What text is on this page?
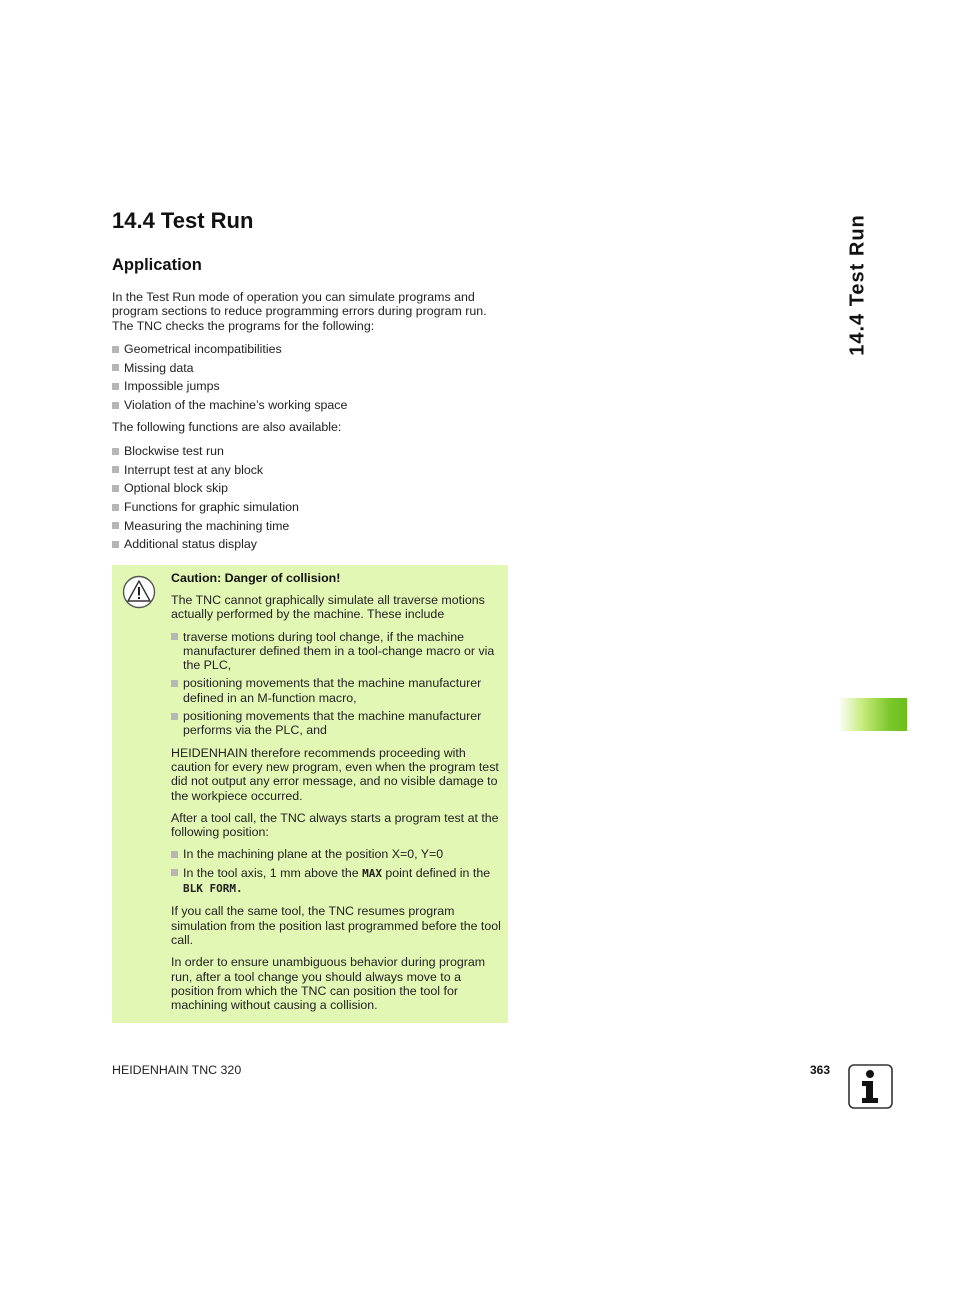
14.4 Test Run
Application

In the Test Run mode of operation you can simulate programs and program sections to reduce programming errors during program run. The TNC checks the programs for the following:

Geometrical incompatibilities
Missing data
Impossible jumps
Violation of the machine’s working space

The following functions are also available:

Blockwise test run
Interrupt test at any block
Optional block skip
Functions for graphic simulation
Measuring the machining time
Additional status display

Caution: Danger of collision!

The TNC cannot graphically simulate all traverse motions actually performed by the machine. These include

traverse motions during tool change, if the machine manufacturer defined them in a tool-change macro or via the PLC,
positioning movements that the machine manufacturer defined in an M-function macro,
positioning movements that the machine manufacturer performs via the PLC, and

HEIDENHAIN therefore recommends proceeding with caution for every new program, even when the program test did not output any error message, and no visible damage to the workpiece occurred.

After a tool call, the TNC always starts a program test at the following position:

In the machining plane at the position X=0, Y=0
In the tool axis, 1 mm above the MAX point defined in the BLK FORM.

If you call the same tool, the TNC resumes program simulation from the position last programmed before the tool call.

In order to ensure unambiguous behavior during program run, after a tool change you should always move to a position from which the TNC can position the tool for machining without causing a collision.

14.4 Test Run
HEIDENHAIN TNC 320	363
